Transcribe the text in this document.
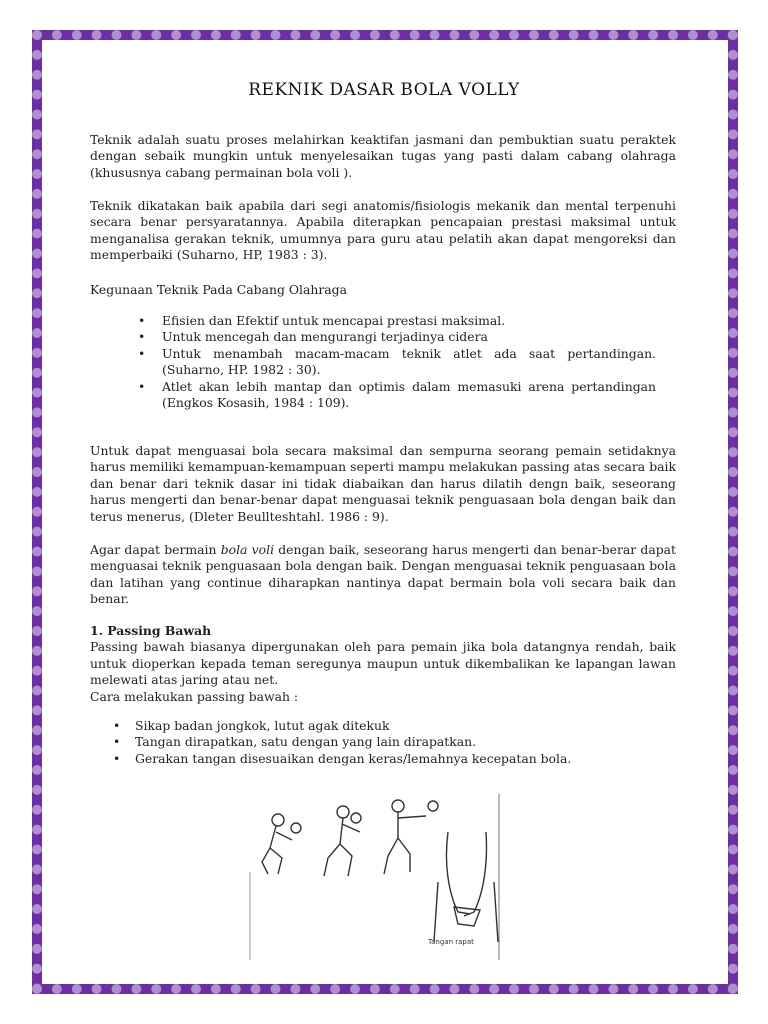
REKNIK DASAR BOLA VOLLY
Teknik adalah suatu proses melahirkan keaktifan jasmani dan pembuktian suatu peraktek dengan sebaik mungkin untuk menyelesaikan tugas yang pasti dalam cabang olahraga (khususnya cabang permainan bola voli ).
Teknik dikatakan baik apabila dari segi anatomis/fisiologis mekanik dan mental terpenuhi secara benar persyaratannya. Apabila diterapkan pencapaian prestasi maksimal untuk menganalisa gerakan teknik, umumnya para guru atau pelatih akan dapat mengoreksi dan memperbaiki (Suharno, HP, 1983 : 3).
Kegunaan Teknik Pada Cabang Olahraga
• Efisien dan Efektif untuk mencapai prestasi maksimal.
• Untuk mencegah dan mengurangi terjadinya cidera
• Untuk menambah macam-macam teknik atlet ada saat pertandingan. (Suharno, HP. 1982 : 30).
• Atlet akan lebih mantap dan optimis dalam memasuki arena pertandingan (Engkos Kosasih, 1984 : 109).
Untuk dapat menguasai bola secara maksimal dan sempurna seorang pemain setidaknya harus memiliki kemampuan-kemampuan seperti mampu melakukan passing atas secara baik dan benar dari teknik dasar ini tidak diabaikan dan harus dilatih dengn baik, seseorang harus mengerti dan benar-benar dapat menguasai teknik penguasaan bola dengan baik dan terus menerus, (Dleter Beullteshtahl. 1986 : 9).
Agar dapat bermain bola voli dengan baik, seseorang harus mengerti dan benar-berar dapat menguasai teknik penguasaan bola dengan baik. Dengan menguasai teknik penguasaan bola dan latihan yang continue diharapkan nantinya dapat bermain bola voli secara baik dan benar.
1. Passing Bawah
Passing bawah biasanya dipergunakan oleh para pemain jika bola datangnya rendah, baik untuk dioperkan kepada teman seregunya maupun untuk dikembalikan ke lapangan lawan melewati atas jaring atau net.
Cara melakukan passing bawah :
• Sikap badan jongkok, lutut agak ditekuk
• Tangan dirapatkan, satu dengan yang lain dirapatkan.
• Gerakan tangan disesuaikan dengan keras/lemahnya kecepatan bola.
Tangan rapat
